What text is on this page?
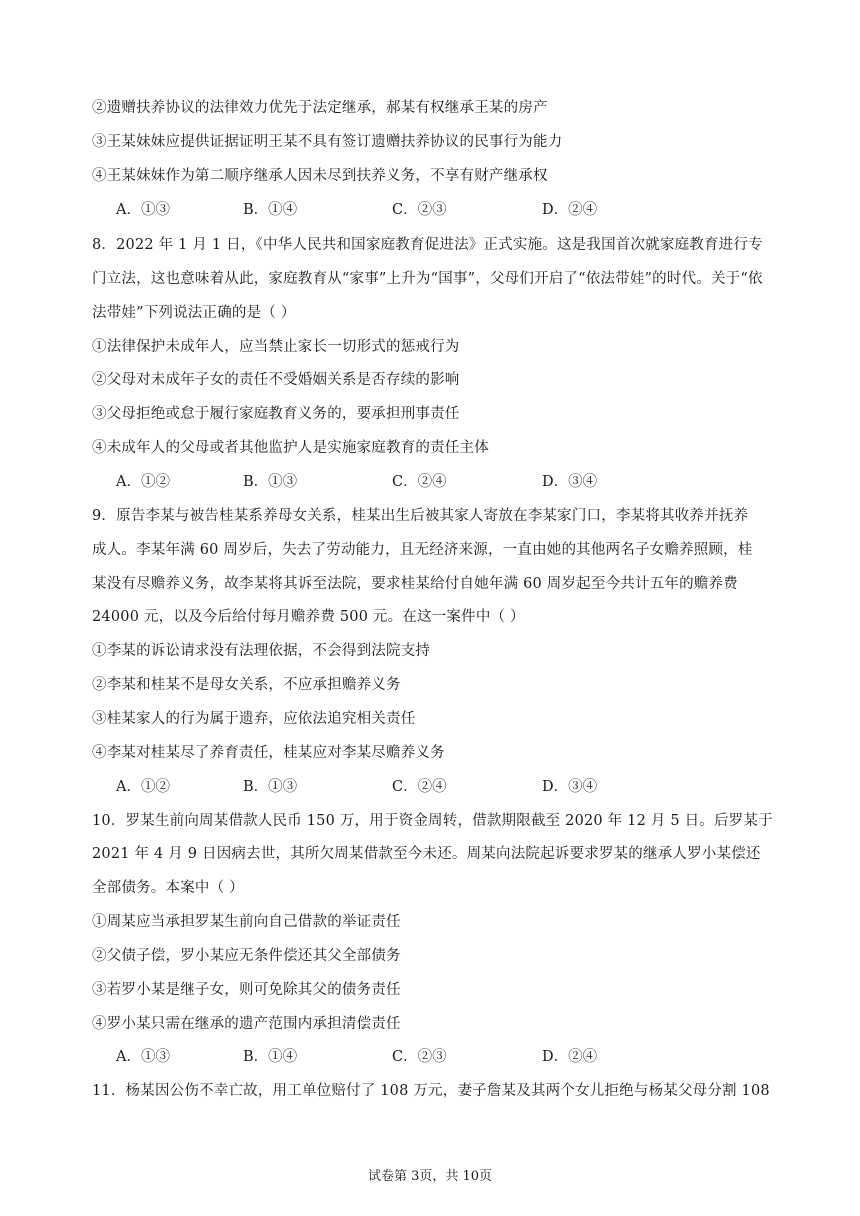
②遗赠扶养协议的法律效力优先于法定继承，郝某有权继承王某的房产
③王某妹妹应提供证据证明王某不具有签订遗赠扶养协议的民事行为能力
④王某妹妹作为第二顺序继承人因未尽到扶养义务，不享有财产继承权
A．①③	B．①④	C．②③	D．②④
8．2022 年 1 月 1 日，《中华人民共和国家庭教育促进法》正式实施。这是我国首次就家庭教育进行专
门立法，这也意味着从此，家庭教育从“家事”上升为“国事”，父母们开启了“依法带娃”的时代。关于“依
法带娃”下列说法正确的是（ ）
①法律保护未成年人，应当禁止家长一切形式的惩戒行为
②父母对未成年子女的责任不受婚姻关系是否存续的影响
③父母拒绝或怠于履行家庭教育义务的，要承担刑事责任
④未成年人的父母或者其他监护人是实施家庭教育的责任主体
A．①②	B．①③	C．②④	D．③④
9．原告李某与被告桂某系养母女关系，桂某出生后被其家人寄放在李某家门口，李某将其收养并抚养
成人。李某年满 60 周岁后，失去了劳动能力，且无经济来源，一直由她的其他两名子女赡养照顾，桂
某没有尽赡养义务，故李某将其诉至法院，要求桂某给付自她年满 60 周岁起至今共计五年的赡养费
24000 元，以及今后给付每月赡养费 500 元。在这一案件中（ ）
①李某的诉讼请求没有法理依据，不会得到法院支持
②李某和桂某不是母女关系，不应承担赡养义务
③桂某家人的行为属于遗弃，应依法追究相关责任
④李某对桂某尽了养育责任，桂某应对李某尽赡养义务
A．①②	B．①③	C．②④	D．③④
10．罗某生前向周某借款人民币 150 万，用于资金周转，借款期限截至 2020 年 12 月 5 日。后罗某于
2021 年 4 月 9 日因病去世，其所欠周某借款至今未还。周某向法院起诉要求罗某的继承人罗小某偿还
全部债务。本案中（ ）
①周某应当承担罗某生前向自己借款的举证责任
②父债子偿，罗小某应无条件偿还其父全部债务
③若罗小某是继子女，则可免除其父的债务责任
④罗小某只需在继承的遗产范围内承担清偿责任
A．①③	B．①④	C．②③	D．②④
11．杨某因公伤不幸亡故，用工单位赔付了 108 万元，妻子詹某及其两个女儿拒绝与杨某父母分割 108
试卷第 3页，共 10页
